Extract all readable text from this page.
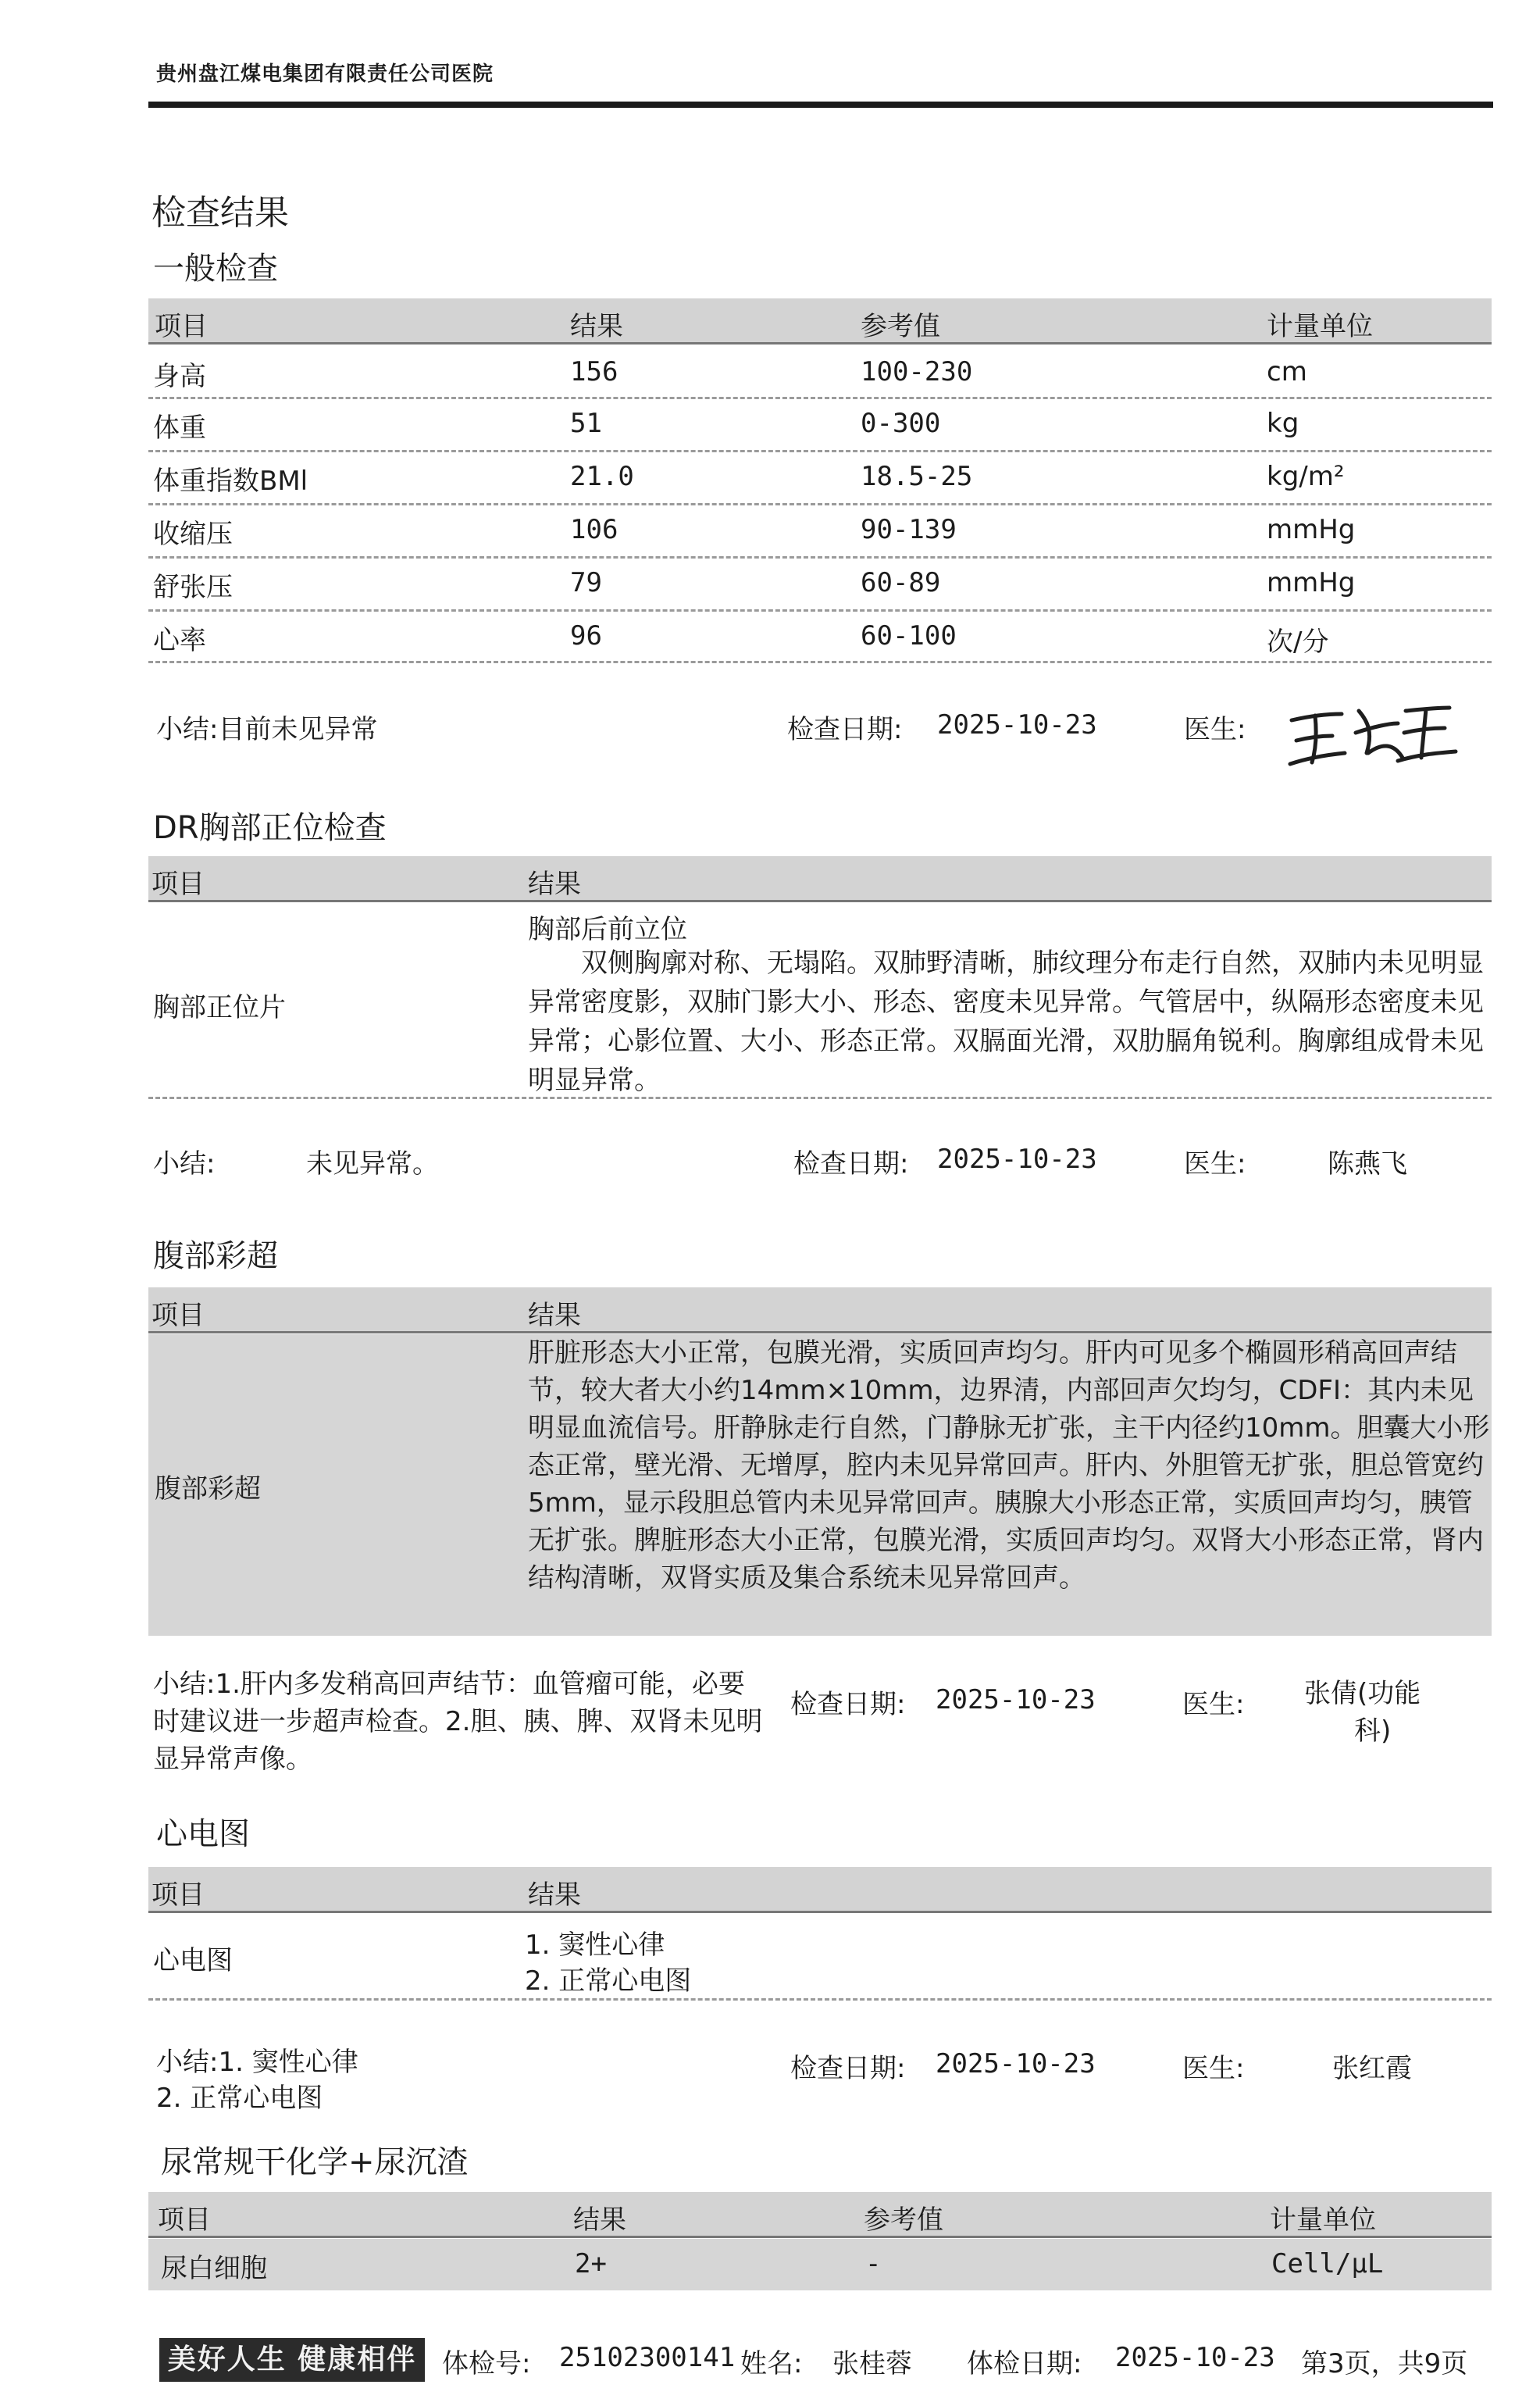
贵州盘江煤电集团有限责任公司医院
检查结果
一般检查
项目	结果	参考值	计量单位
身高	156	100-230	cm
体重	51	0-300	kg
体重指数BMl	21.0	18.5-25	kg/m²
收缩压	106	90-139	mmHg
舒张压	79	60-89	mmHg
心率	96	60-100	次/分
小结:目前未见异常	检查日期: 2025-10-23	医生:
DR胸部正位检查
项目	结果
胸部正位片
胸部后前立位
双侧胸廓对称、无塌陷。双肺野清晰，肺纹理分布走行自然，双肺内未见明显异常密度影，双肺门影大小、形态、密度未见异常。气管居中，纵隔形态密度未见异常；心影位置、大小、形态正常。双膈面光滑，双肋膈角锐利。胸廓组成骨未见明显异常。
小结:	未见异常。	检查日期: 2025-10-23	医生:	陈燕飞
腹部彩超
项目	结果
腹部彩超
肝脏形态大小正常，包膜光滑，实质回声均匀。肝内可见多个椭圆形稍高回声结节，较大者大小约14mm×10mm，边界清，内部回声欠均匀，CDFI：其内未见明显血流信号。肝静脉走行自然，门静脉无扩张，主干内径约10mm。胆囊大小形态正常，壁光滑、无增厚，腔内未见异常回声。肝内、外胆管无扩张，胆总管宽约5mm，显示段胆总管内未见异常回声。胰腺大小形态正常，实质回声均匀，胰管无扩张。脾脏形态大小正常，包膜光滑，实质回声均匀。双肾大小形态正常，肾内结构清晰，双肾实质及集合系统未见异常回声。
小结:1.肝内多发稍高回声结节：血管瘤可能，必要时建议进一步超声检查。2.胆、胰、脾、双肾未见明显异常声像。
检查日期: 2025-10-23	医生: 张倩(功能
科)
心电图
项目	结果
心电图	1. 窦性心律
2. 正常心电图
小结:1. 窦性心律
2. 正常心电图
检查日期: 2025-10-23	医生:	张红霞
尿常规干化学+尿沉渣
项目	结果	参考值	计量单位
尿白细胞	2+	-	Cell/μL
美好人生 健康相伴 体检号: 25102300141 姓名: 张桂蓉 体检日期: 2025-10-23 第3页，共9页
